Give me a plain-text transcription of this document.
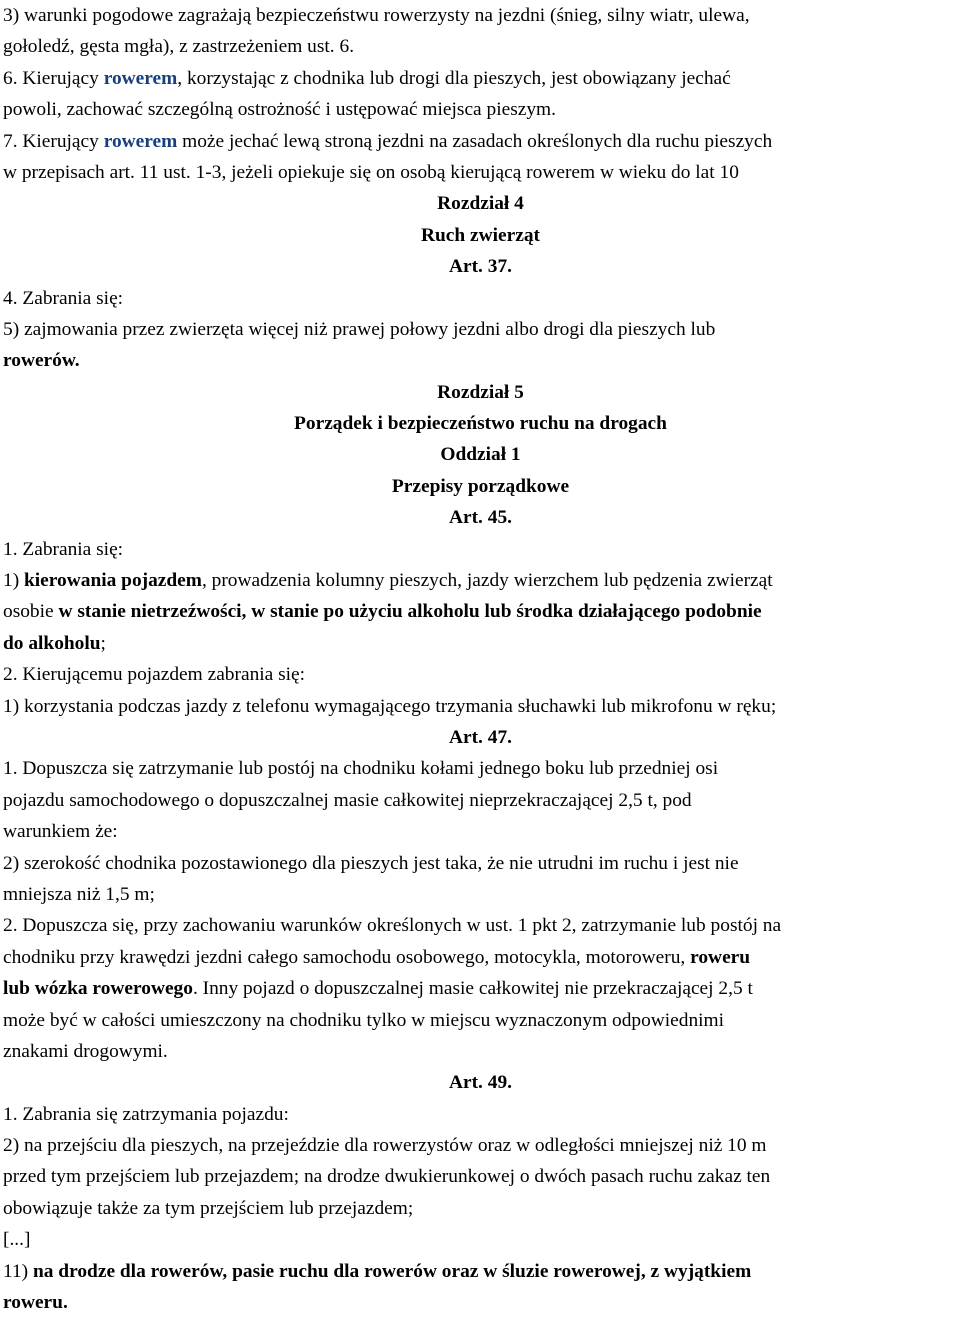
3) warunki pogodowe zagrażają bezpieczeństwu rowerzysty na jezdni (śnieg, silny wiatr, ulewa,
gołoledź, gęsta mgła), z zastrzeżeniem ust. 6.
6. Kierujący rowerem, korzystając z chodnika lub drogi dla pieszych, jest obowiązany jechać
powoli, zachować szczególną ostrożność i ustępować miejsca pieszym.
7. Kierujący rowerem może jechać lewą stroną jezdni na zasadach określonych dla ruchu pieszych
w przepisach art. 11 ust. 1-3, jeżeli opiekuje się on osobą kierującą rowerem w wieku do lat 10
Rozdział 4
Ruch zwierząt
Art. 37.
4. Zabrania się:
5) zajmowania przez zwierzęta więcej niż prawej połowy jezdni albo drogi dla pieszych lub
rowerów.
Rozdział 5
Porządek i bezpieczeństwo ruchu na drogach
Oddział 1
Przepisy porządkowe
Art. 45.
1. Zabrania się:
1) kierowania pojazdem, prowadzenia kolumny pieszych, jazdy wierzchem lub pędzenia zwierząt
osobie w stanie nietrzeźwości, w stanie po użyciu alkoholu lub środka działającego podobnie
do alkoholu;
2. Kierującemu pojazdem zabrania się:
1) korzystania podczas jazdy z telefonu wymagającego trzymania słuchawki lub mikrofonu w ręku;
Art. 47.
1. Dopuszcza się zatrzymanie lub postój na chodniku kołami jednego boku lub przedniej osi
pojazdu samochodowego o dopuszczalnej masie całkowitej nieprzekraczającej 2,5 t, pod
warunkiem że:
2) szerokość chodnika pozostawionego dla pieszych jest taka, że nie utrudni im ruchu i jest nie
mniejsza niż 1,5 m;
2. Dopuszcza się, przy zachowaniu warunków określonych w ust. 1 pkt 2, zatrzymanie lub postój na
chodniku przy krawędzi jezdni całego samochodu osobowego, motocykla, motoroweru, roweru
lub wózka rowerowego. Inny pojazd o dopuszczalnej masie całkowitej nie przekraczającej 2,5 t
może być w całości umieszczony na chodniku tylko w miejscu wyznaczonym odpowiednimi
znakami drogowymi.
Art. 49.
1. Zabrania się zatrzymania pojazdu:
2) na przejściu dla pieszych, na przejeździe dla rowerzystów oraz w odległości mniejszej niż 10 m
przed tym przejściem lub przejazdem; na drodze dwukierunkowej o dwóch pasach ruchu zakaz ten
obowiązuje także za tym przejściem lub przejazdem;
[...]
11) na drodze dla rowerów, pasie ruchu dla rowerów oraz w śluzie rowerowej, z wyjątkiem
roweru.
